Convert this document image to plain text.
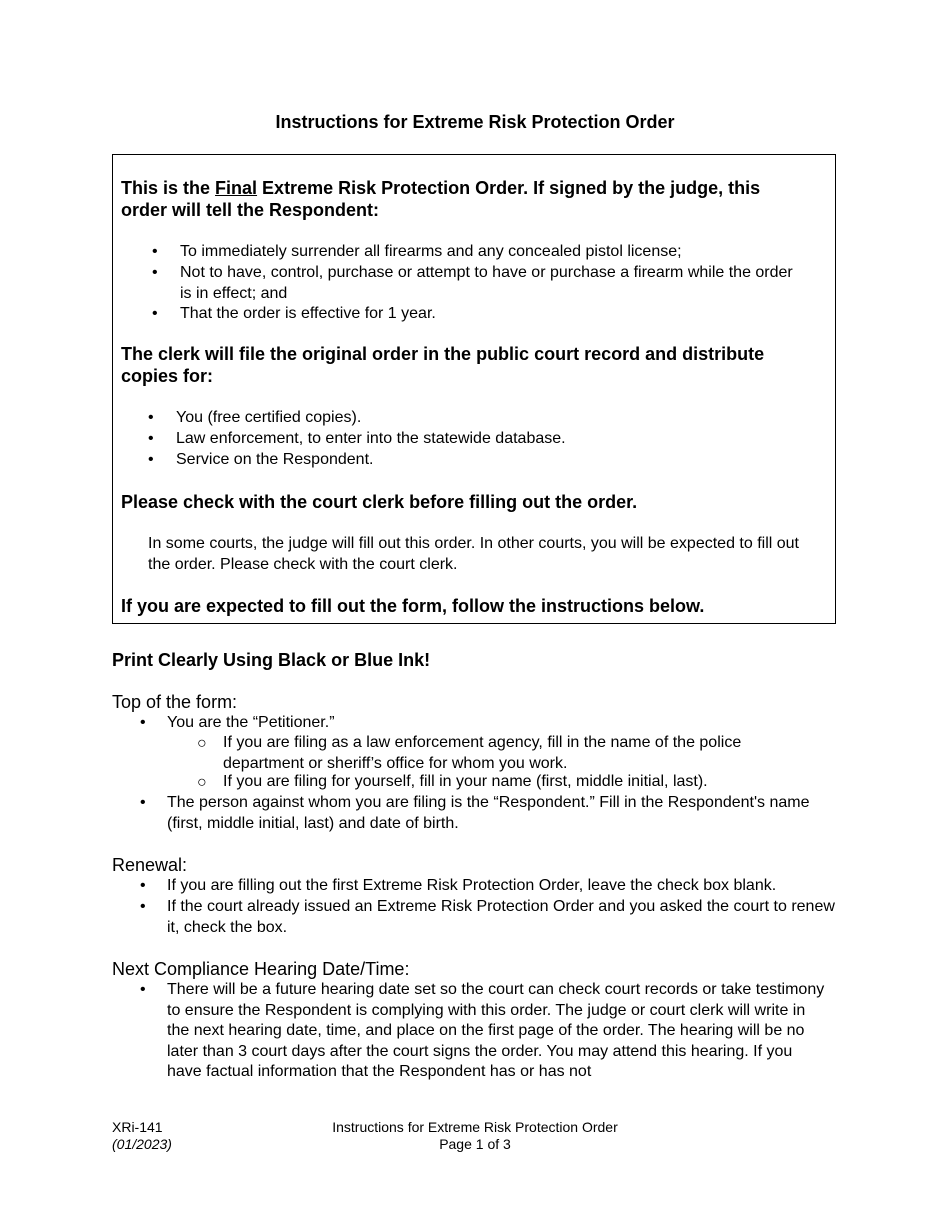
Instructions for Extreme Risk Protection Order
This is the Final Extreme Risk Protection Order. If signed by the judge, this order will tell the Respondent:
• To immediately surrender all firearms and any concealed pistol license;
• Not to have, control, purchase or attempt to have or purchase a firearm while the order is in effect; and
• That the order is effective for 1 year.
The clerk will file the original order in the public court record and distribute copies for:
• You (free certified copies).
• Law enforcement, to enter into the statewide database.
• Service on the Respondent.
Please check with the court clerk before filling out the order.
In some courts, the judge will fill out this order. In other courts, you will be expected to fill out the order. Please check with the court clerk.
If you are expected to fill out the form, follow the instructions below.
Print Clearly Using Black or Blue Ink!
Top of the form:
• You are the “Petitioner.”
○ If you are filing as a law enforcement agency, fill in the name of the police department or sheriff’s office for whom you work.
○ If you are filing for yourself, fill in your name (first, middle initial, last).
• The person against whom you are filing is the “Respondent.” Fill in the Respondent's name (first, middle initial, last) and date of birth.
Renewal:
• If you are filling out the first Extreme Risk Protection Order, leave the check box blank.
• If the court already issued an Extreme Risk Protection Order and you asked the court to renew it, check the box.
Next Compliance Hearing Date/Time:
• There will be a future hearing date set so the court can check court records or take testimony to ensure the Respondent is complying with this order. The judge or court clerk will write in the next hearing date, time, and place on the first page of the order. The hearing will be no later than 3 court days after the court signs the order. You may attend this hearing. If you have factual information that the Respondent has or has not
XRi-141
(01/2023)
Instructions for Extreme Risk Protection Order
Page 1 of 3
